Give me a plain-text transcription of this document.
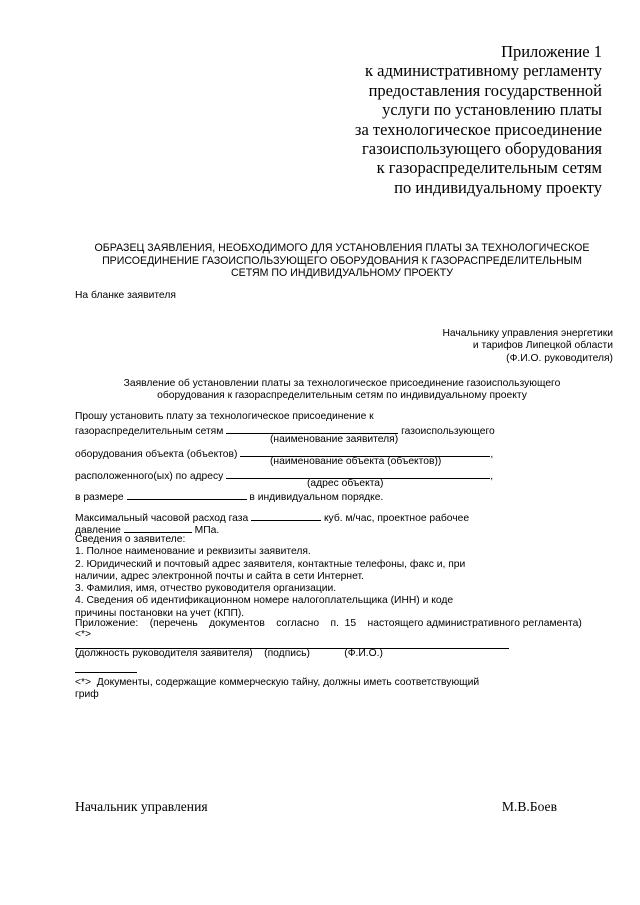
Приложение 1
к административному регламенту
предоставления государственной
услуги по установлению платы
за технологическое присоединение
газоиспользующего оборудования
к газораспределительным сетям
по индивидуальному проекту
ОБРАЗЕЦ ЗАЯВЛЕНИЯ, НЕОБХОДИМОГО ДЛЯ УСТАНОВЛЕНИЯ ПЛАТЫ ЗА ТЕХНОЛОГИЧЕСКОЕ
ПРИСОЕДИНЕНИЕ ГАЗОИСПОЛЬЗУЮЩЕГО ОБОРУДОВАНИЯ К ГАЗОРАСПРЕДЕЛИТЕЛЬНЫМ
СЕТЯМ ПО ИНДИВИДУАЛЬНОМУ ПРОЕКТУ
На бланке заявителя
Начальнику управления энергетики
и тарифов Липецкой области
(Ф.И.О. руководителя)
Заявление об установлении платы за технологическое присоединение газоиспользующего
оборудования к газораспределительным сетям по индивидуальному проекту
Прошу установить плату за технологическое присоединение к
газораспределительным сетям	газоиспользующего
(наименование заявителя)
оборудования объекта (объектов)	,
(наименование объекта (объектов))
расположенного(ых) по адресу	,
(адрес объекта)
в размере	в индивидуальном порядке.
Максимальный часовой расход газа	куб. м/час, проектное рабочее
давление	МПа.
Сведения о заявителе:
1. Полное наименование и реквизиты заявителя.
2. Юридический и почтовый адрес заявителя, контактные телефоны, факс и, при
наличии, адрес электронной почты и сайта в сети Интернет.
3. Фамилия, имя, отчество руководителя организации.
4. Сведения об идентификационном номере налогоплательщика (ИНН) и коде
причины постановки на учет (КПП).
Приложение:    (перечень    документов    согласно    п.  15    настоящего административного регламента)
<*>
(должность руководителя заявителя)    (подпись)            (Ф.И.О.)
<*>  Документы, содержащие коммерческую тайну, должны иметь соответствующий
гриф
Начальник управления	М.В.Боев
